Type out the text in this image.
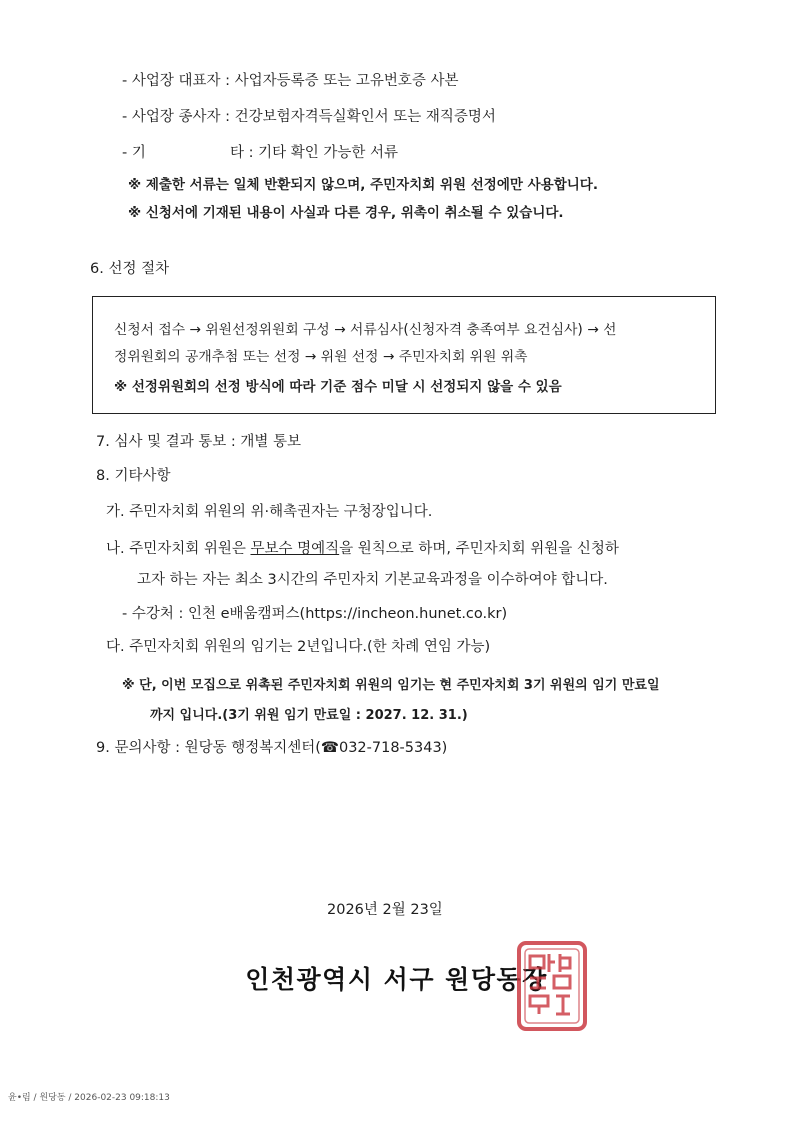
- 사업장 대표자 : 사업자등록증 또는 고유번호증 사본
- 사업장 종사자 : 건강보험자격득실확인서 또는 재직증명서
- 기	타 : 기타 확인 가능한 서류
※ 제출한 서류는 일체 반환되지 않으며, 주민자치회 위원 선정에만 사용합니다.
※ 신청서에 기재된 내용이 사실과 다른 경우, 위촉이 취소될 수 있습니다.
6. 선정 절차
신청서 접수 → 위원선정위원회 구성 → 서류심사(신청자격 충족여부 요건심사) → 선
정위원회의 공개추첨 또는 선정 → 위원 선정 → 주민자치회 위원 위촉
※ 선정위원회의 선정 방식에 따라 기준 점수 미달 시 선정되지 않을 수 있음
7. 심사 및 결과 통보 : 개별 통보
8. 기타사항
가. 주민자치회 위원의 위·해촉권자는 구청장입니다.
나. 주민자치회 위원은 무보수 명예직을 원칙으로 하며, 주민자치회 위원을 신청하
고자 하는 자는 최소 3시간의 주민자치 기본교육과정을 이수하여야 합니다.
- 수강처 : 인천 e배움캠퍼스(https://incheon.hunet.co.kr)
다. 주민자치회 위원의 임기는 2년입니다.(한 차례 연임 가능)
※ 단, 이번 모집으로 위촉된 주민자치회 위원의 임기는 현 주민자치회 3기 위원의 임기 만료일
까지 입니다.(3기 위원 임기 만료일 : 2027. 12. 31.)
9. 문의사항 : 원당동 행정복지센터(☎032-718-5343)
2026년 2월 23일
인천광역시 서구 원당동장
윤•림 / 원당동 / 2026-02-23 09:18:13
